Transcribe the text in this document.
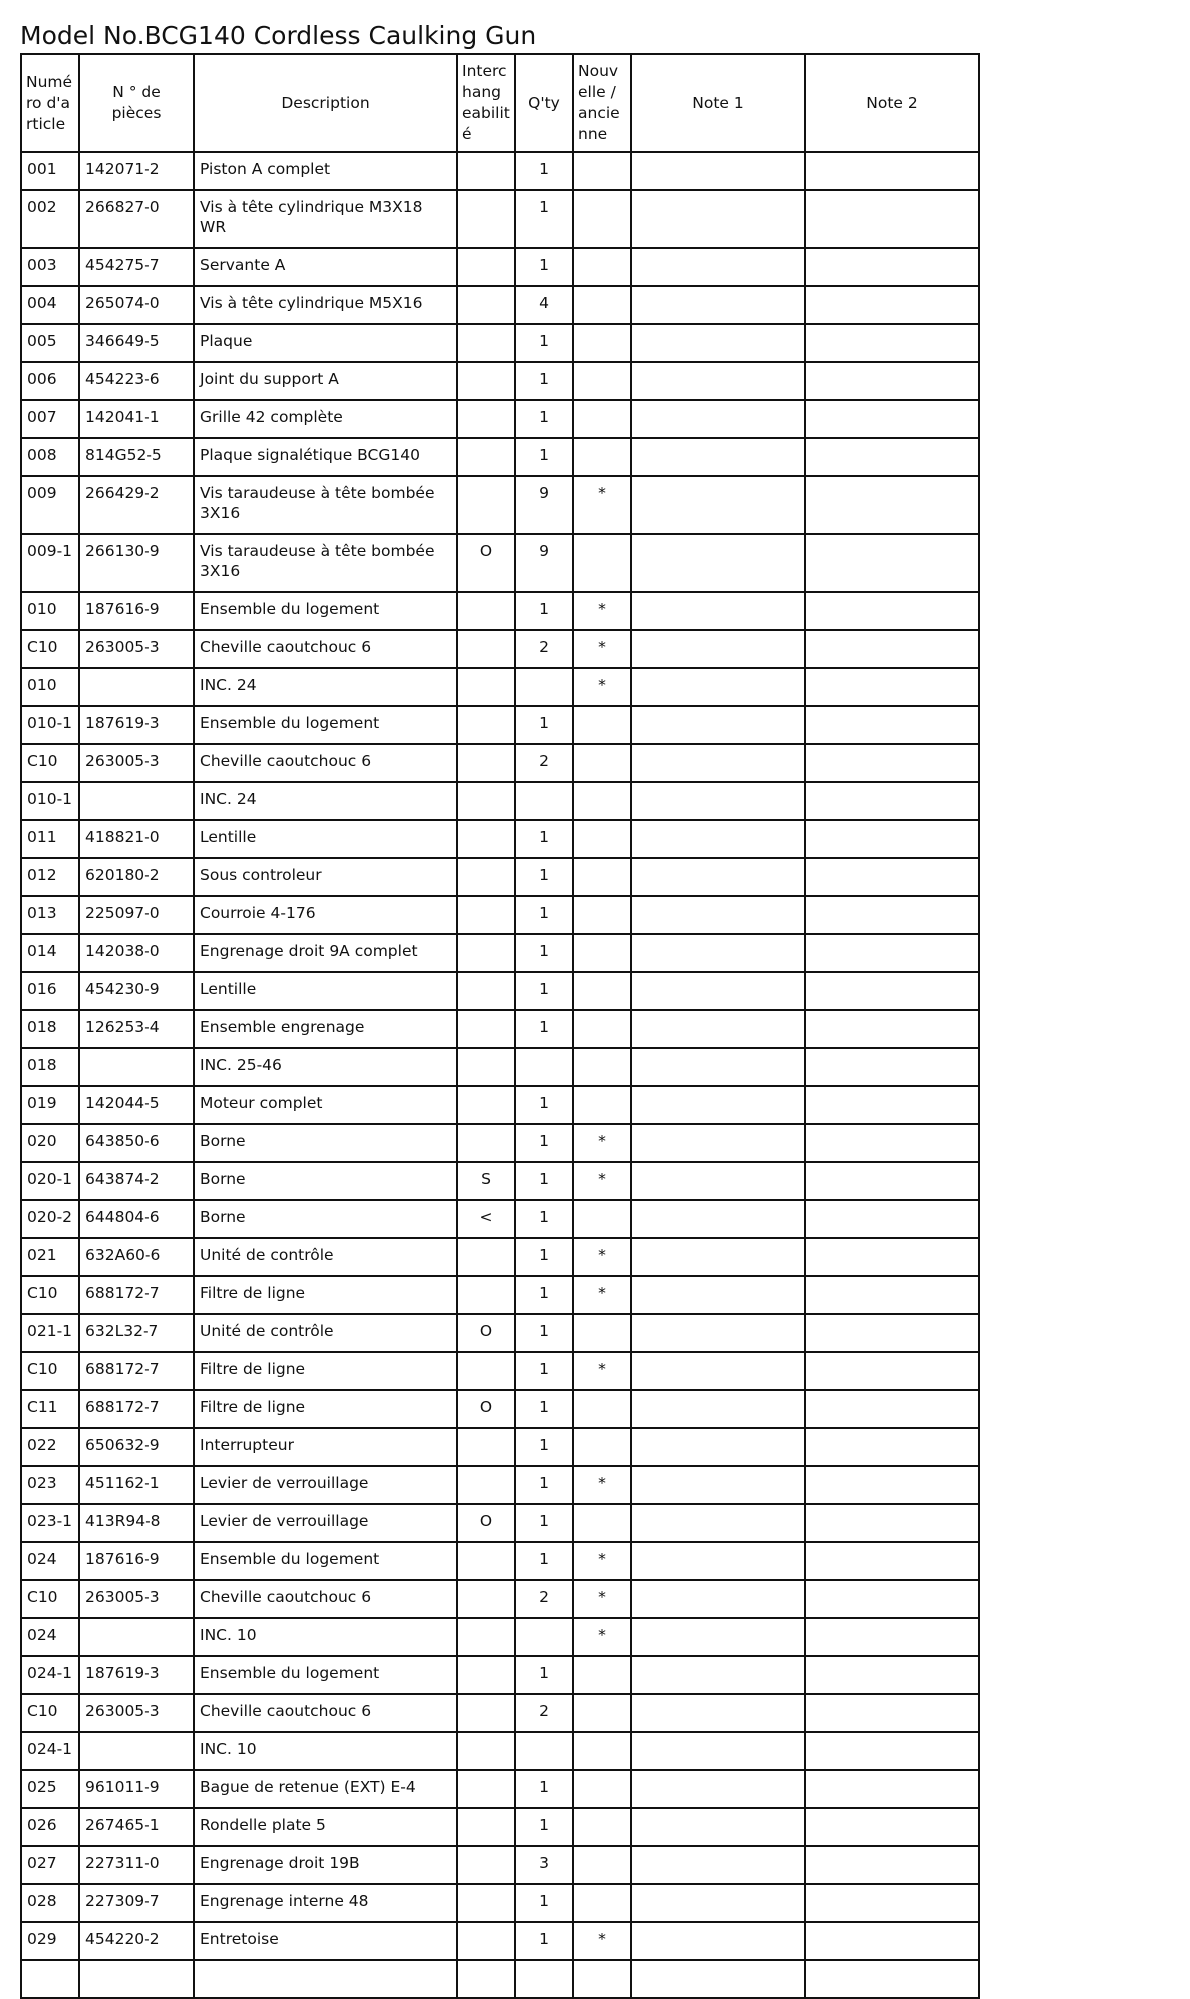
Model No.BCG140 Cordless Caulking Gun
Numéro d'article	N ° de pièces	Description	Interchangeabilité	Q'ty	Nouvelle / ancienne	Note 1	Note 2
001	142071-2	Piston A complet		1			
002	266827-0	Vis à tête cylindrique M3X18 WR		1			
003	454275-7	Servante A		1			
004	265074-0	Vis à tête cylindrique M5X16		4			
005	346649-5	Plaque		1			
006	454223-6	Joint du support A		1			
007	142041-1	Grille 42 complète		1			
008	814G52-5	Plaque signalétique BCG140		1			
009	266429-2	Vis taraudeuse à tête bombée 3X16		9	*		
009-1	266130-9	Vis taraudeuse à tête bombée 3X16	O	9			
010	187616-9	Ensemble du logement		1	*		
C10	263005-3	Cheville caoutchouc 6		2	*		
010		INC. 24			*		
010-1	187619-3	Ensemble du logement		1			
C10	263005-3	Cheville caoutchouc 6		2			
010-1		INC. 24					
011	418821-0	Lentille		1			
012	620180-2	Sous controleur		1			
013	225097-0	Courroie 4-176		1			
014	142038-0	Engrenage droit 9A complet		1			
016	454230-9	Lentille		1			
018	126253-4	Ensemble engrenage		1			
018		INC. 25-46					
019	142044-5	Moteur complet		1			
020	643850-6	Borne		1	*		
020-1	643874-2	Borne	S	1	*		
020-2	644804-6	Borne	<	1			
021	632A60-6	Unité de contrôle		1	*		
C10	688172-7	Filtre de ligne		1	*		
021-1	632L32-7	Unité de contrôle	O	1			
C10	688172-7	Filtre de ligne		1	*		
C11	688172-7	Filtre de ligne	O	1			
022	650632-9	Interrupteur		1			
023	451162-1	Levier de verrouillage		1	*		
023-1	413R94-8	Levier de verrouillage	O	1			
024	187616-9	Ensemble du logement		1	*		
C10	263005-3	Cheville caoutchouc 6		2	*		
024		INC. 10			*		
024-1	187619-3	Ensemble du logement		1			
C10	263005-3	Cheville caoutchouc 6		2			
024-1		INC. 10					
025	961011-9	Bague de retenue (EXT) E-4		1			
026	267465-1	Rondelle plate 5		1			
027	227311-0	Engrenage droit 19B		3			
028	227309-7	Engrenage interne 48		1			
029	454220-2	Entretoise		1	*		
